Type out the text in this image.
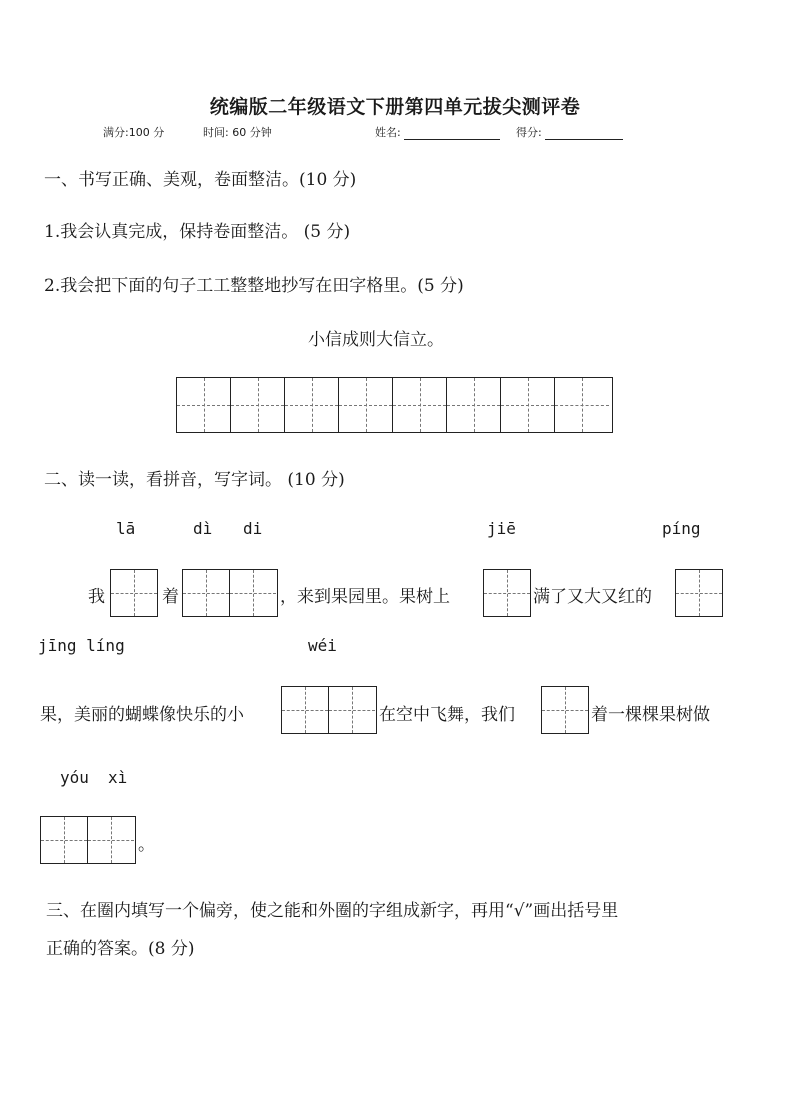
统编版二年级语文下册第四单元拔尖测评卷
满分:100 分	时间: 60 分钟	姓名:	得分:
一、书写正确、美观，卷面整洁。(10 分)
1.我会认真完成，保持卷面整洁。 (5 分)
2.我会把下面的句子工工整整地抄写在田字格里。(5 分)
小信成则大信立。
二、读一读，看拼音，写字词。 (10 分)
lā	dì di	jiē	píng
我	着	，来到果园里。果树上	满了又大又红的
jīng líng	wéi
果，美丽的蝴蝶像快乐的小	在空中飞舞，我们	着一棵棵果树做
yóu xì
。
三、在圈内填写一个偏旁，使之能和外圈的字组成新字，再用“√”画出括号里
正确的答案。(8 分)
